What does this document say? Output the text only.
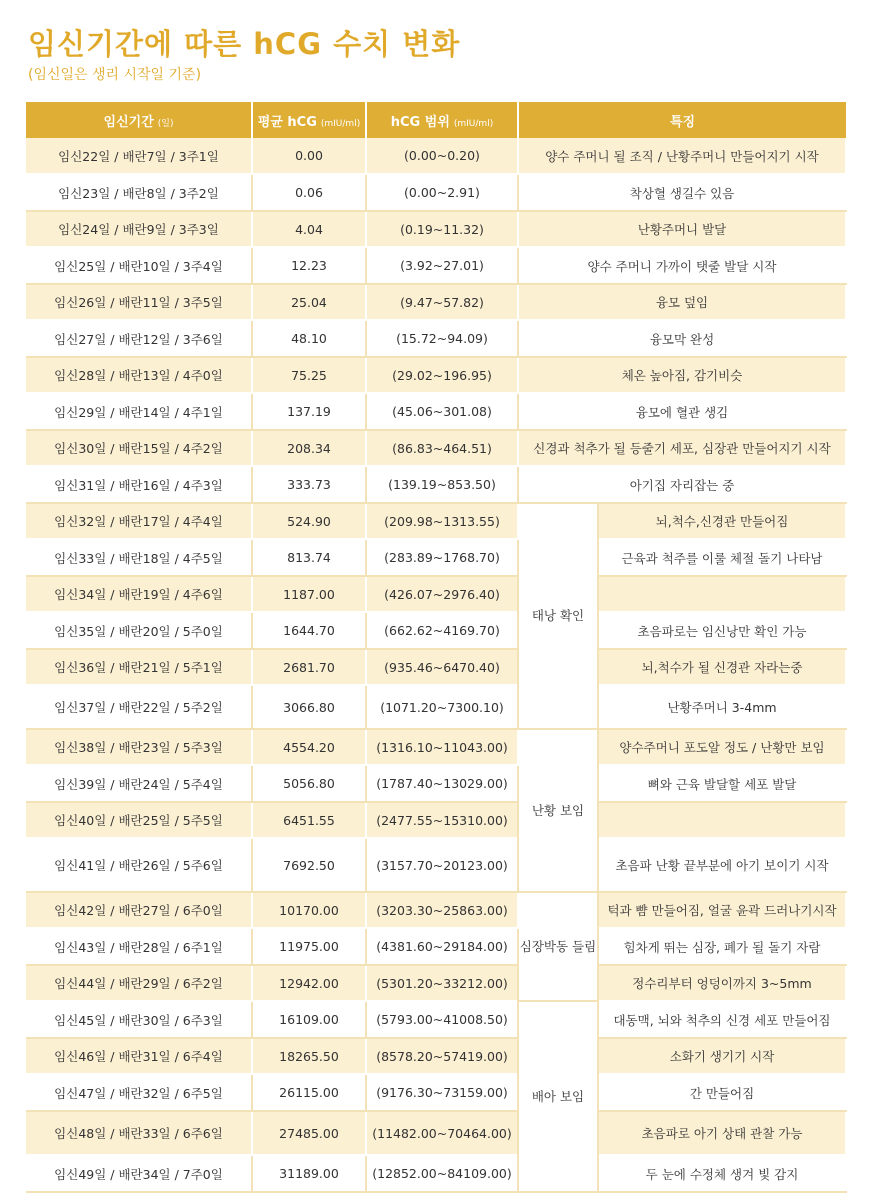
임신기간에 따른 hCG 수치 변화
(임신일은 생리 시작일 기준)
임신기간 (일)	평균 hCG (mIU/ml)	hCG 범위 (mIU/ml)	특징	
임신22일 / 배란7일 / 3주1일	0.00	(0.00~0.20)	양수 주머니 될 조직 / 난황주머니 만들어지기 시작	
임신23일 / 배란8일 / 3주2일	0.06	(0.00~2.91)	착상혈 생길수 있음	
임신24일 / 배란9일 / 3주3일	4.04	(0.19~11.32)	난황주머니 발달	
임신25일 / 배란10일 / 3주4일	12.23	(3.92~27.01)	양수 주머니 가까이 탯줄 발달 시작	
임신26일 / 배란11일 / 3주5일	25.04	(9.47~57.82)	융모 덮임	
임신27일 / 배란12일 / 3주6일	48.10	(15.72~94.09)	융모막 완성	
임신28일 / 배란13일 / 4주0일	75.25	(29.02~196.95)	체온 높아짐, 감기비슷	
임신29일 / 배란14일 / 4주1일	137.19	(45.06~301.08)	융모에 혈관 생김	
임신30일 / 배란15일 / 4주2일	208.34	(86.83~464.51)	신경과 척추가 될 등줄기 세포, 심장관 만들어지기 시작	
임신31일 / 배란16일 / 4주3일	333.73	(139.19~853.50)	아기집 자리잡는 중	
임신32일 / 배란17일 / 4주4일	524.90	(209.98~1313.55)	태낭 확인	뇌,척수,신경관 만들어짐
임신33일 / 배란18일 / 4주5일	813.74	(283.89~1768.70)		근육과 척주를 이룰 체절 돌기 나타남
임신34일 / 배란19일 / 4주6일	1187.00	(426.07~2976.40)		
임신35일 / 배란20일 / 5주0일	1644.70	(662.62~4169.70)		초음파로는 임신낭만 확인 가능
임신36일 / 배란21일 / 5주1일	2681.70	(935.46~6470.40)		뇌,척수가 될 신경관 자라는중
임신37일 / 배란22일 / 5주2일	3066.80	(1071.20~7300.10)		난황주머니 3-4mm
임신38일 / 배란23일 / 5주3일	4554.20	(1316.10~11043.00)	난황 보임	양수주머니 포도알 정도 / 난황만 보임
임신39일 / 배란24일 / 5주4일	5056.80	(1787.40~13029.00)		뼈와 근육 발달할 세포 발달
임신40일 / 배란25일 / 5주5일	6451.55	(2477.55~15310.00)		
임신41일 / 배란26일 / 5주6일	7692.50	(3157.70~20123.00)		초음파 난황 끝부분에 아기 보이기 시작
임신42일 / 배란27일 / 6주0일	10170.00	(3203.30~25863.00)	심장박동 들림	턱과 뺨 만들어짐, 얼굴 윤곽 드러나기시작
임신43일 / 배란28일 / 6주1일	11975.00	(4381.60~29184.00)		힘차게 뛰는 심장, 폐가 될 돌기 자람
임신44일 / 배란29일 / 6주2일	12942.00	(5301.20~33212.00)		정수리부터 엉덩이까지 3~5mm
임신45일 / 배란30일 / 6주3일	16109.00	(5793.00~41008.50)	배아 보임	대동맥, 뇌와 척추의 신경 세포 만들어짐
임신46일 / 배란31일 / 6주4일	18265.50	(8578.20~57419.00)		소화기 생기기 시작
임신47일 / 배란32일 / 6주5일	26115.00	(9176.30~73159.00)		간 만들어짐
임신48일 / 배란33일 / 6주6일	27485.00	(11482.00~70464.00)		초음파로 아기 상태 관찰 가능
임신49일 / 배란34일 / 7주0일	31189.00	(12852.00~84109.00)		두 눈에 수정체 생겨 빛 감지
